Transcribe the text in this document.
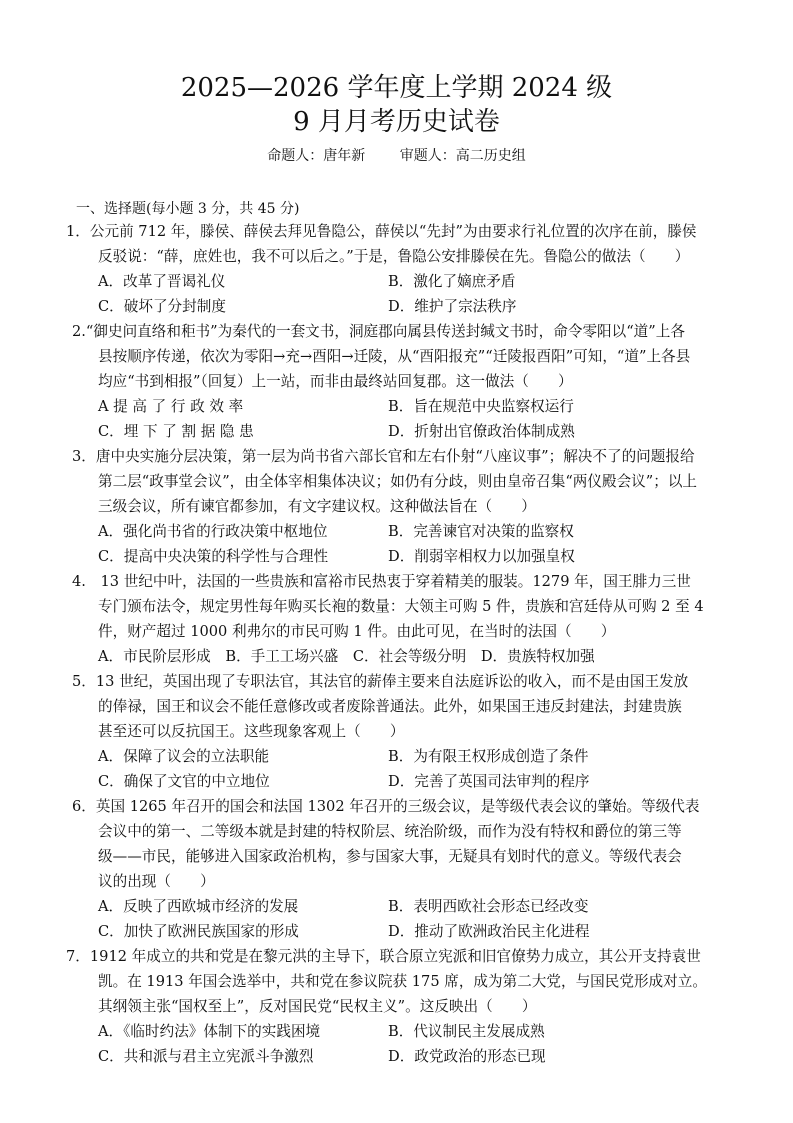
2025—2026 学年度上学期 2024 级
9 月月考历史试卷
命题人：唐年新 审题人：高二历史组
一、选择题(每小题 3 分，共 45 分)

1．公元前 712 年，滕侯、薛侯去拜见鲁隐公，薛侯以“先封”为由要求行礼位置的次序在前，滕侯

反驳说：“薛，庶姓也，我不可以后之。”于是，鲁隐公安排滕侯在先。鲁隐公的做法（　　）

A．改革了晋谒礼仪	B．激化了嫡庶矛盾
C．破坏了分封制度	D．维护了宗法秩序

2.“御史问直络和秬书”为秦代的一套文书，洞庭郡向属县传送封缄文书时，命令零阳以“道”上各

县按顺序传递，依次为零阳→充→酉阳→迁陵，从“酉阳报充”“迁陵报酉阳”可知，“道”上各县

均应“书到相报”（回复）上一站，而非由最终站回复郡。这一做法（　　）

A 提 高 了 行 政 效 率	B．旨在规范中央监察权运行
C．埋 下 了 割 据 隐 患	D．折射出官僚政治体制成熟

3．唐中央实施分层决策，第一层为尚书省六部长官和左右仆射“八座议事”；解决不了的问题报给

第二层“政事堂会议”，由全体宰相集体决议；如仍有分歧，则由皇帝召集“两仪殿会议”；以上

三级会议，所有谏官都参加，有文字建议权。这种做法旨在（　　）

A．强化尚书省的行政决策中枢地位	B．完善谏官对决策的监察权
C．提高中央决策的科学性与合理性	D．削弱宰相权力以加强皇权

4.　13 世纪中叶，法国的一些贵族和富裕市民热衷于穿着精美的服装。1279 年，国王腓力三世

专门颁布法令，规定男性每年购买长袍的数量：大领主可购 5 件，贵族和宫廷侍从可购 2 至 4

件，财产超过 1000 利弗尔的市民可购 1 件。由此可见，在当时的法国（　　）

A．市民阶层形成 B．手工工场兴盛 C．社会等级分明 D．贵族特权加强

5．13 世纪，英国出现了专职法官，其法官的薪俸主要来自法庭诉讼的收入，而不是由国王发放

的俸禄，国王和议会不能任意修改或者废除普通法。此外，如果国王违反封建法，封建贵族

甚至还可以反抗国王。这些现象客观上（　　）

A．保障了议会的立法职能	B．为有限王权形成创造了条件
C．确保了文官的中立地位	D．完善了英国司法审判的程序

6．英国 1265 年召开的国会和法国 1302 年召开的三级会议，是等级代表会议的肇始。等级代表

会议中的第一、二等级本就是封建的特权阶层、统治阶级，而作为没有特权和爵位的第三等

级——市民，能够进入国家政治机构，参与国家大事，无疑具有划时代的意义。等级代表会

议的出现（　　）

A．反映了西欧城市经济的发展	B．表明西欧社会形态已经改变
C．加快了欧洲民族国家的形成	D．推动了欧洲政治民主化进程

7．1912 年成立的共和党是在黎元洪的主导下，联合原立宪派和旧官僚势力成立，其公开支持袁世

凯。在 1913 年国会选举中，共和党在参议院获 175 席，成为第二大党，与国民党形成对立。

其纲领主张“国权至上”，反对国民党“民权主义”。这反映出（　　）

A．《临时约法》体制下的实践困境	B．代议制民主发展成熟
C．共和派与君主立宪派斗争激烈	D．政党政治的形态已现
